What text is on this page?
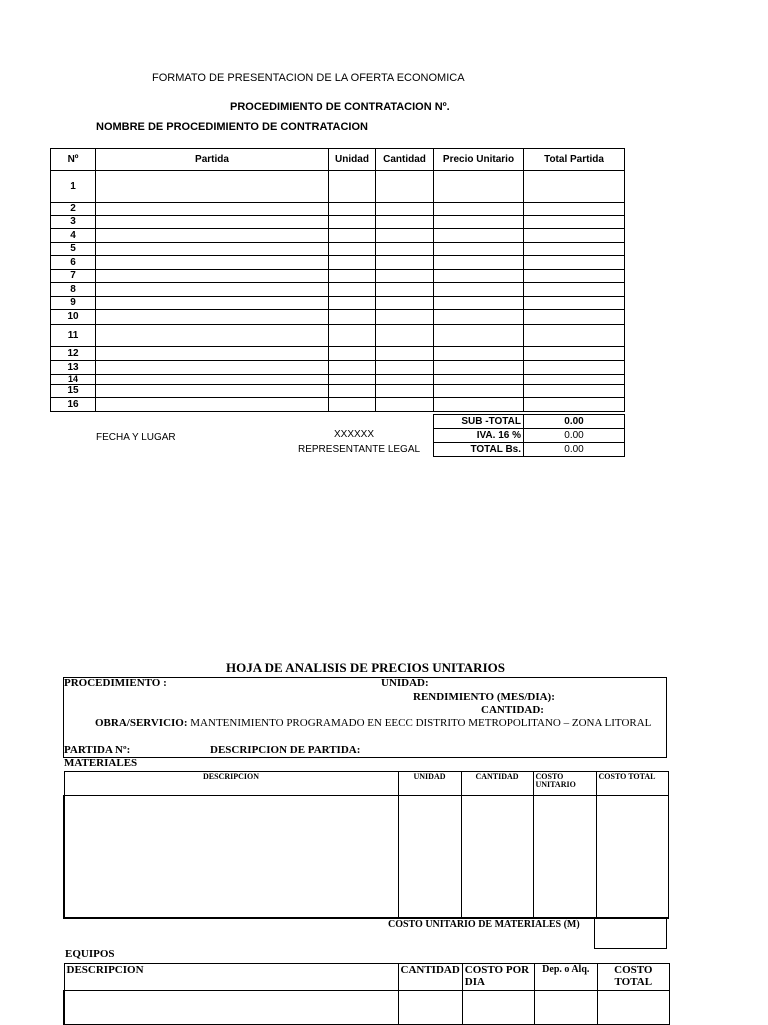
FORMATO DE PRESENTACION DE LA OFERTA ECONOMICA
PROCEDIMIENTO DE CONTRATACION Nº.
NOMBRE DE PROCEDIMIENTO DE CONTRATACION
Nº	Partida	Unidad	Cantidad	Precio Unitario	Total Partida
1					
2					
3					
4					
5					
6					
7					
8					
9					
10					
11					
12					
13					
14					
15					
16					
SUB -TOTAL	0.00
IVA. 16 %	0.00
TOTAL Bs.	0.00
FECHA Y LUGAR	XXXXXX
REPRESENTANTE LEGAL
HOJA DE ANALISIS DE PRECIOS UNITARIOS
PROCEDIMIENTO :	UNIDAD:
RENDIMIENTO (MES/DIA):
CANTIDAD:
OBRA/SERVICIO: MANTENIMIENTO PROGRAMADO EN EECC DISTRITO METROPOLITANO – ZONA LITORAL
PARTIDA Nº:	DESCRIPCION DE PARTIDA:
MATERIALES
DESCRIPCION	UNIDAD	CANTIDAD	COSTO UNITARIO	COSTO TOTAL

COSTO UNITARIO DE MATERIALES (M)
EQUIPOS
DESCRIPCION	CANTIDAD	COSTO POR DIA	Dep. o Alq.	COSTO TOTAL
